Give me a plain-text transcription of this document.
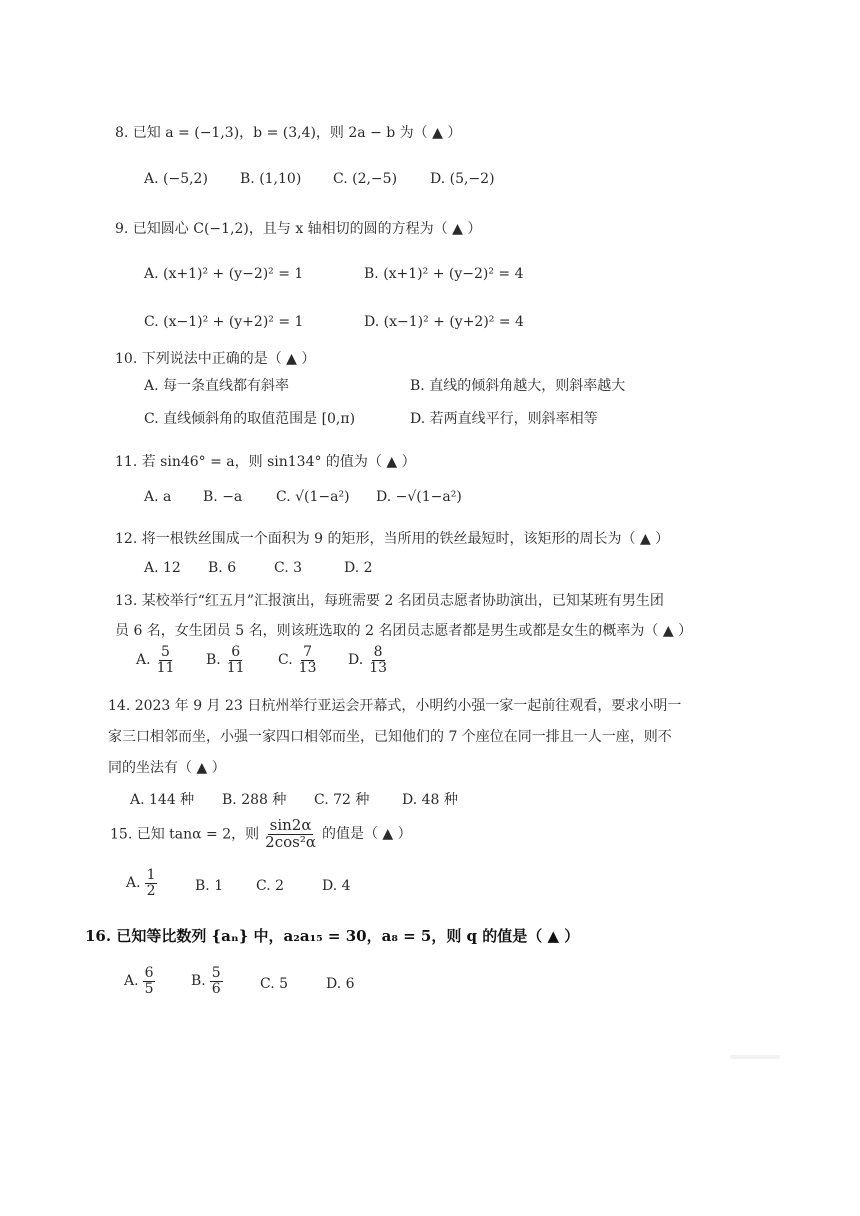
8. 已知 a = (−1,3)，b = (3,4)，则 2a − b 为（ ▲ ）
A. (−5,2) B. (1,10) C. (2,−5) D. (5,−2)
9. 已知圆心 C(−1,2)，且与 x 轴相切的圆的方程为（ ▲ ）
A. (x+1)² + (y−2)² = 1	B. (x+1)² + (y−2)² = 4
C. (x−1)² + (y+2)² = 1	D. (x−1)² + (y+2)² = 4
10. 下列说法中正确的是（ ▲ ）
A. 每一条直线都有斜率	B. 直线的倾斜角越大，则斜率越大
C. 直线倾斜角的取值范围是 [0,π)	D. 若两直线平行，则斜率相等
11. 若 sin46° = a，则 sin134° 的值为（ ▲ ）
A. a B. −a C. √(1−a²) D. −√(1−a²)
12. 将一根铁丝围成一个面积为 9 的矩形，当所用的铁丝最短时，该矩形的周长为（ ▲ ）
A. 12 B. 6	C. 3	D. 2
13. 某校举行“红五月”汇报演出，每班需要 2 名团员志愿者协助演出，已知某班有男生团
员 6 名，女生团员 5 名，则该班选取的 2 名团员志愿者都是男生或都是女生的概率为（ ▲ ）
A. $\frac{5}{11} B$. $\frac{6}{11} C$. $\frac{7}{13} D$. $\frac{8}{13}$
14. 2023 年 9 月 23 日杭州举行亚运会开幕式，小明约小强一家一起前往观看，要求小明一
家三口相邻而坐，小强一家四口相邻而坐，已知他们的 7 个座位在同一排且一人一座，则不
同的坐法有（ ▲ ）
A. 144 种 B. 288 种 C. 72 种 D. 48 种
15. 已知 tanα = 2，则 $\frac{\sin 2\alpha}{\text{2cos²α}}$ 的值是（ ▲ ）
A. $\frac{1}{2}$	B. 1 C. 2	D. 4
16. 已知等比数列 {aₙ} 中，a₂a₁₅ = 30，a₈ = 5，则 q 的值是（ ▲ ）
A. $\frac{6}{5}$	B. $\frac{5}{6}$	C. 5	D. 6
